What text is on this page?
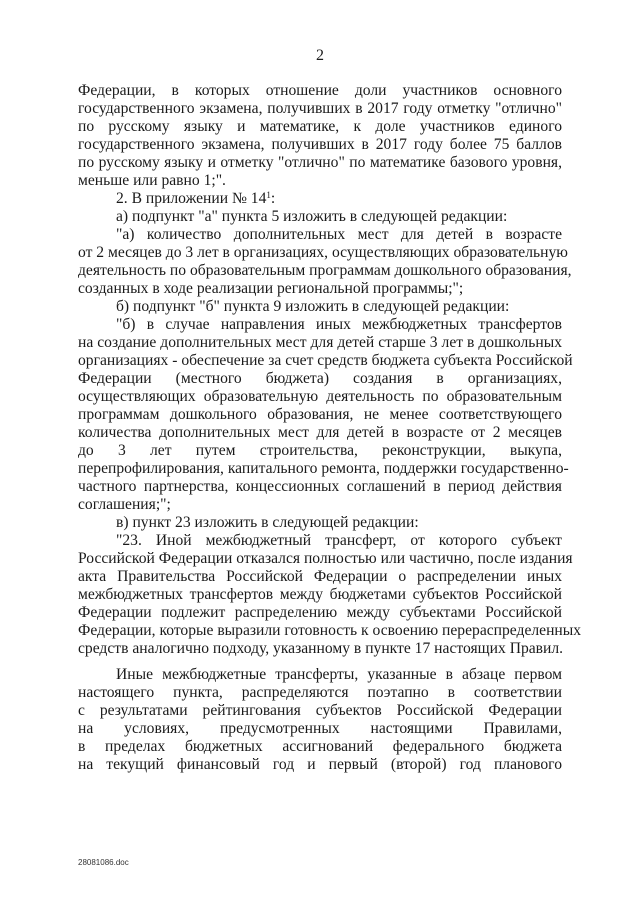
2
Федерации, в которых отношение доли участников основного
государственного экзамена, получивших в 2017 году отметку "отлично"
по русскому языку и математике, к доле участников единого
государственного экзамена, получивших в 2017 году более 75 баллов
по русскому языку и отметку "отлично" по математике базового уровня,
меньше или равно 1;".
2. В приложении № $14^1$:
а) подпункт "а" пункта 5 изложить в следующей редакции:
"а) количество дополнительных мест для детей в возрасте
от 2 месяцев до 3 лет в организациях, осуществляющих образовательную
деятельность по образовательным программам дошкольного образования,
созданных в ходе реализации региональной программы;";
б) подпункт "б" пункта 9 изложить в следующей редакции:
"б) в случае направления иных межбюджетных трансфертов
на создание дополнительных мест для детей старше 3 лет в дошкольных
организациях - обеспечение за счет средств бюджета субъекта Российской
Федерации (местного бюджета) создания в организациях,
осуществляющих образовательную деятельность по образовательным
программам дошкольного образования, не менее соответствующего
количества дополнительных мест для детей в возрасте от 2 месяцев
до 3 лет путем строительства, реконструкции, выкупа,
перепрофилирования, капитального ремонта, поддержки государственно-
частного партнерства, концессионных соглашений в период действия
соглашения;";
в) пункт 23 изложить в следующей редакции:
"23. Иной межбюджетный трансферт, от которого субъект
Российской Федерации отказался полностью или частично, после издания
акта Правительства Российской Федерации о распределении иных
межбюджетных трансфертов между бюджетами субъектов Российской
Федерации подлежит распределению между субъектами Российской
Федерации, которые выразили готовность к освоению перераспределенных
средств аналогично подходу, указанному в пункте 17 настоящих Правил.
Иные межбюджетные трансферты, указанные в абзаце первом
настоящего пункта, распределяются поэтапно в соответствии
с результатами рейтингования субъектов Российской Федерации
на условиях, предусмотренных настоящими Правилами,
в пределах бюджетных ассигнований федерального бюджета
на текущий финансовый год и первый (второй) год планового
28081086.doc
